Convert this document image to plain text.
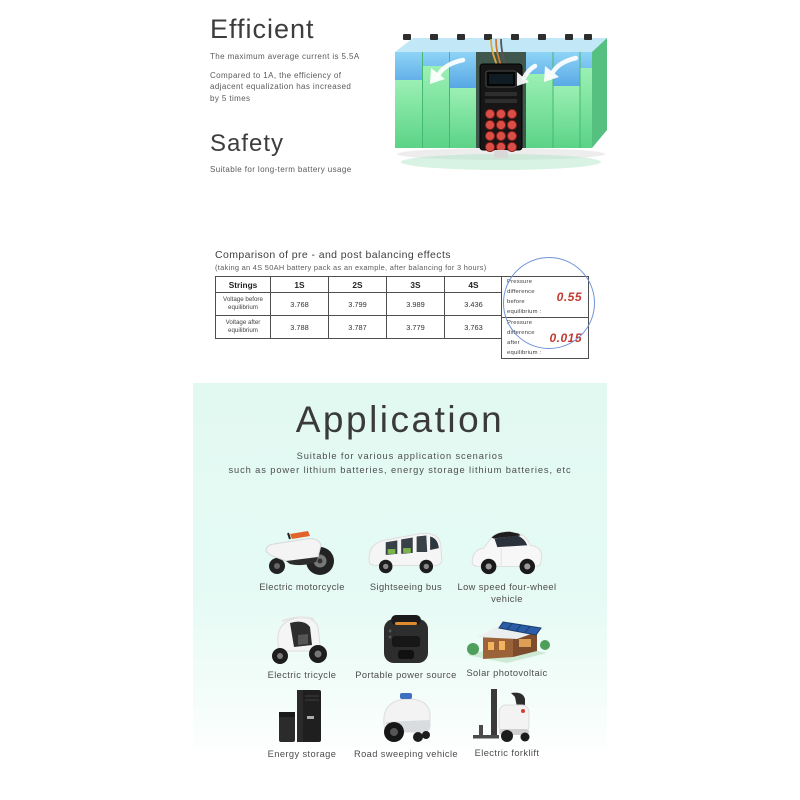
Efficient
The maximum average current is 5.5A
Compared to 1A, the efficiency of adjacent equalization has increased by 5 times
Safety
Suitable for long-term battery usage
Comparison of pre - and post balancing effects
(taking an 4S 50AH battery pack as an example, after balancing for 3 hours)
Strings	1S	2S	3S	4S
Voltage before equilibrium	3.768	3.799	3.989	3.436
Voltage after equilibrium	3.788	3.787	3.779	3.763
Pressure difference
before equilibrium :
0.55
Pressure difference
after equilibrium :
0.015
Application
Suitable for various application scenarios
such as power lithium batteries, energy storage lithium batteries, etc
Electric motorcycle	Sightseeing bus	Low speed four-wheel vehicle
Electric tricycle	Portable power source	Solar photovoltaic
Energy storage	Road sweeping vehicle	Electric forklift
